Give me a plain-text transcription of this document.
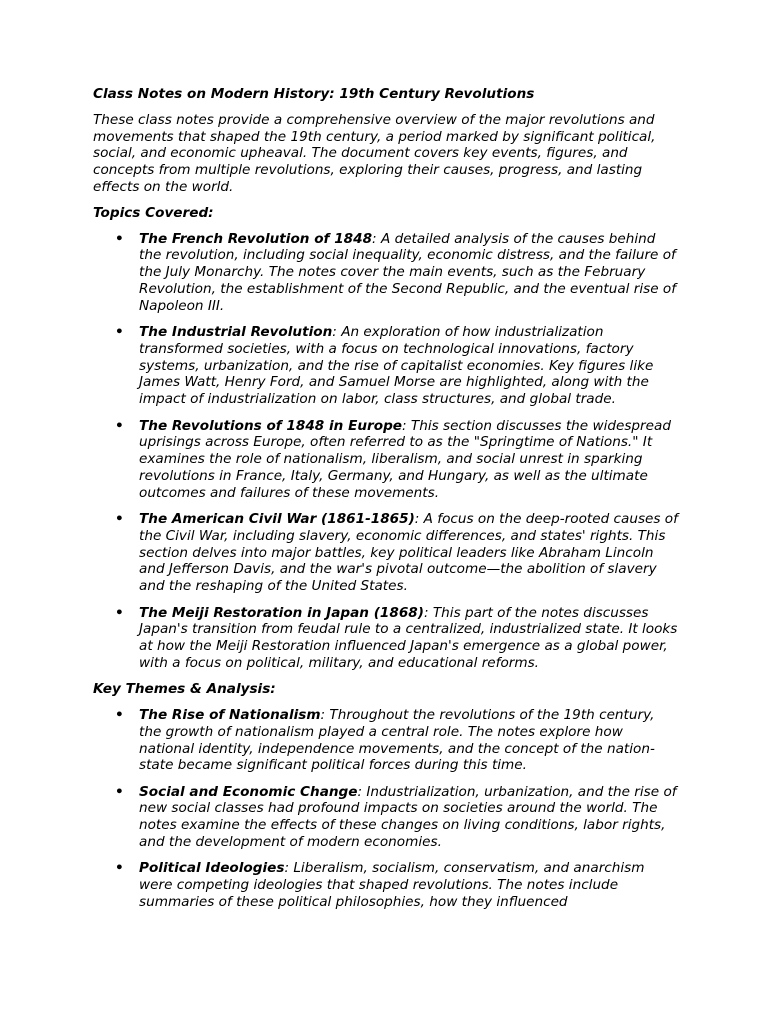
Class Notes on Modern History: 19th Century Revolutions
These class notes provide a comprehensive overview of the major revolutions and movements that shaped the 19th century, a period marked by significant political, social, and economic upheaval. The document covers key events, figures, and concepts from multiple revolutions, exploring their causes, progress, and lasting effects on the world.
Topics Covered:
• The French Revolution of 1848: A detailed analysis of the causes behind the revolution, including social inequality, economic distress, and the failure of the July Monarchy. The notes cover the main events, such as the February Revolution, the establishment of the Second Republic, and the eventual rise of Napoleon III.
• The Industrial Revolution: An exploration of how industrialization transformed societies, with a focus on technological innovations, factory systems, urbanization, and the rise of capitalist economies. Key figures like James Watt, Henry Ford, and Samuel Morse are highlighted, along with the impact of industrialization on labor, class structures, and global trade.
• The Revolutions of 1848 in Europe: This section discusses the widespread uprisings across Europe, often referred to as the "Springtime of Nations." It examines the role of nationalism, liberalism, and social unrest in sparking revolutions in France, Italy, Germany, and Hungary, as well as the ultimate outcomes and failures of these movements.
• The American Civil War (1861-1865): A focus on the deep-rooted causes of the Civil War, including slavery, economic differences, and states' rights. This section delves into major battles, key political leaders like Abraham Lincoln and Jefferson Davis, and the war's pivotal outcome—the abolition of slavery and the reshaping of the United States.
• The Meiji Restoration in Japan (1868): This part of the notes discusses Japan's transition from feudal rule to a centralized, industrialized state. It looks at how the Meiji Restoration influenced Japan's emergence as a global power, with a focus on political, military, and educational reforms.
Key Themes & Analysis:
• The Rise of Nationalism: Throughout the revolutions of the 19th century, the growth of nationalism played a central role. The notes explore how national identity, independence movements, and the concept of the nation-state became significant political forces during this time.
• Social and Economic Change: Industrialization, urbanization, and the rise of new social classes had profound impacts on societies around the world. The notes examine the effects of these changes on living conditions, labor rights, and the development of modern economies.
• Political Ideologies: Liberalism, socialism, conservatism, and anarchism were competing ideologies that shaped revolutions. The notes include summaries of these political philosophies, how they influenced
